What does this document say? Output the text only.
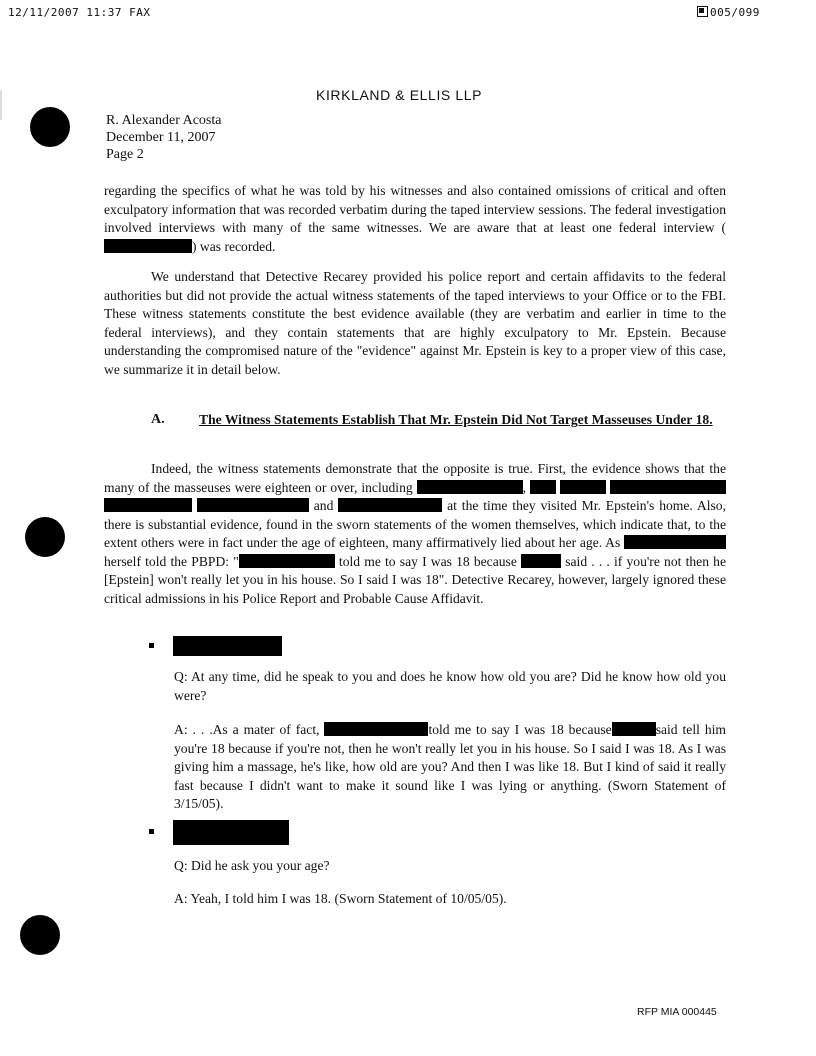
12/11/2007 11:37 FAX	005/099
KIRKLAND & ELLIS LLP
R. Alexander Acosta
December 11, 2007
Page 2

regarding the specifics of what he was told by his witnesses and also contained omissions of critical and often exculpatory information that was recorded verbatim during the taped interview sessions. The federal investigation involved interviews with many of the same witnesses. We are aware that at least one federal interview () was recorded.

We understand that Detective Recarey provided his police report and certain affidavits to the federal authorities but did not provide the actual witness statements of the taped interviews to your Office or to the FBI. These witness statements constitute the best evidence available (they are verbatim and earlier in time to the federal interviews), and they contain statements that are highly exculpatory to Mr. Epstein. Because understanding the compromised nature of the "evidence" against Mr. Epstein is key to a proper view of this case, we summarize it in detail below.

A.	The Witness Statements Establish That Mr. Epstein Did Not Target Masseuses Under 18.

Indeed, the witness statements demonstrate that the opposite is true. First, the evidence shows that the many of the masseuses were eighteen or over, including	,      and	at the time they visited Mr. Epstein's home. Also, there is substantial evidence, found in the sworn statements of the women themselves, which indicate that, to the extent others were in fact under the age of eighteen, many affirmatively lied about her age. As  herself told the PBPD: "	told me to say I was 18 because	said . . . if you're not then he [Epstein] won't really let you in his house. So I said I was 18". Detective Recarey, however, largely ignored these critical admissions in his Police Report and Probable Cause Affidavit.

Q: At any time, did he speak to you and does he know how old you are? Did he know how old you were?

A: . . .As a mater of fact,	told me to say I was 18 because	said tell him you're 18 because if you're not, then he won't really let you in his house. So I said I was 18. As I was giving him a massage, he's like, how old are you? And then I was like 18. But I kind of said it really fast because I didn't want to make it sound like I was lying or anything. (Sworn Statement of 3/15/05).

Q: Did he ask you your age?

A: Yeah, I told him I was 18. (Sworn Statement of 10/05/05).

RFP MIA 000445
